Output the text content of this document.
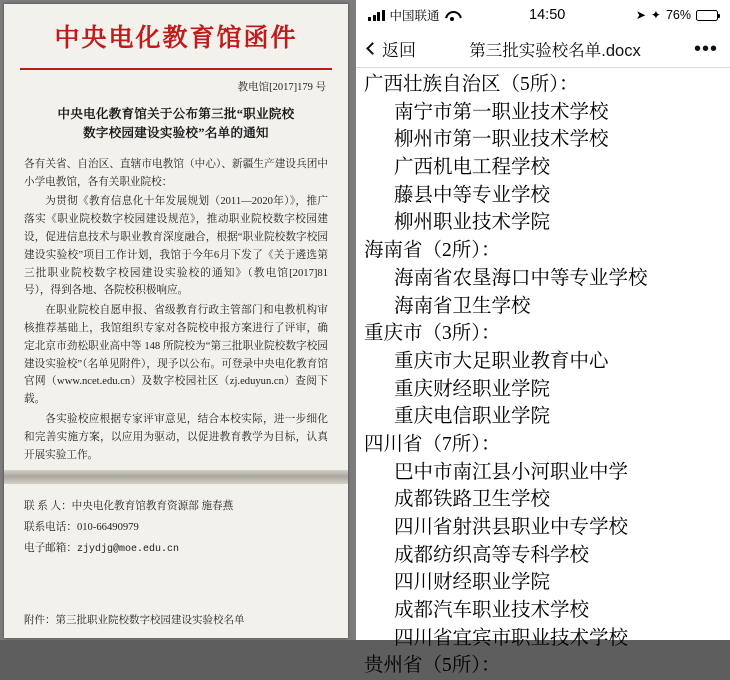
中央电化教育馆函件
教电馆[2017]179 号
中央电化教育馆关于公布第三批“职业院校
数字校园建设实验校”名单的通知

各有关省、自治区、直辖市电教馆（中心）、新疆生产建设兵团中小学电教馆，各有关职业院校：

为贯彻《教育信息化十年发展规划（2011—2020年）》，推广落实《职业院校数字校园建设规范》，推动职业院校数字校园建设，促进信息技术与职业教育深度融合，根据“职业院校数字校园建设实验校”项目工作计划，我馆于今年6月下发了《关于遴选第三批职业院校数字校园建设实验校的通知》（教电馆[2017]81 号），得到各地、各院校积极响应。

在职业院校自愿申报、省级教育行政主管部门和电教机构审核推荐基础上，我馆组织专家对各院校申报方案进行了评审，确定北京市劲松职业高中等 148 所院校为“第三批职业院校数字校园建设实验校”（名单见附件），现予以公布。可登录中央电化教育馆官网（www.ncet.edu.cn）及数字校园社区（zj.eduyun.cn）查阅下载。

各实验校应根据专家评审意见，结合本校实际，进一步细化和完善实施方案，以应用为驱动，以促进教育教学为目标，认真开展实验工作。

联 系 人：中央电化教育馆教育资源部 施春燕
联系电话：010-66490979
电子邮箱：zjydjg@moe.edu.cn
附件：第三批职业院校数字校园建设实验校名单
中国联通	14:50	➤ ✦ 76%
返回	第三批实验校名单.docx	•••
广西壮族自治区（5所）：
南宁市第一职业技术学校
柳州市第一职业技术学校
广西机电工程学校
藤县中等专业学校
柳州职业技术学院
海南省（2所）：
海南省农垦海口中等专业学校
海南省卫生学校
重庆市（3所）：
重庆市大足职业教育中心
重庆财经职业学院
重庆电信职业学院
四川省（7所）：
巴中市南江县小河职业中学
成都铁路卫生学校
四川省射洪县职业中专学校
成都纺织高等专科学校
四川财经职业学院
成都汽车职业技术学校
四川省宜宾市职业技术学校
贵州省（5所）：
